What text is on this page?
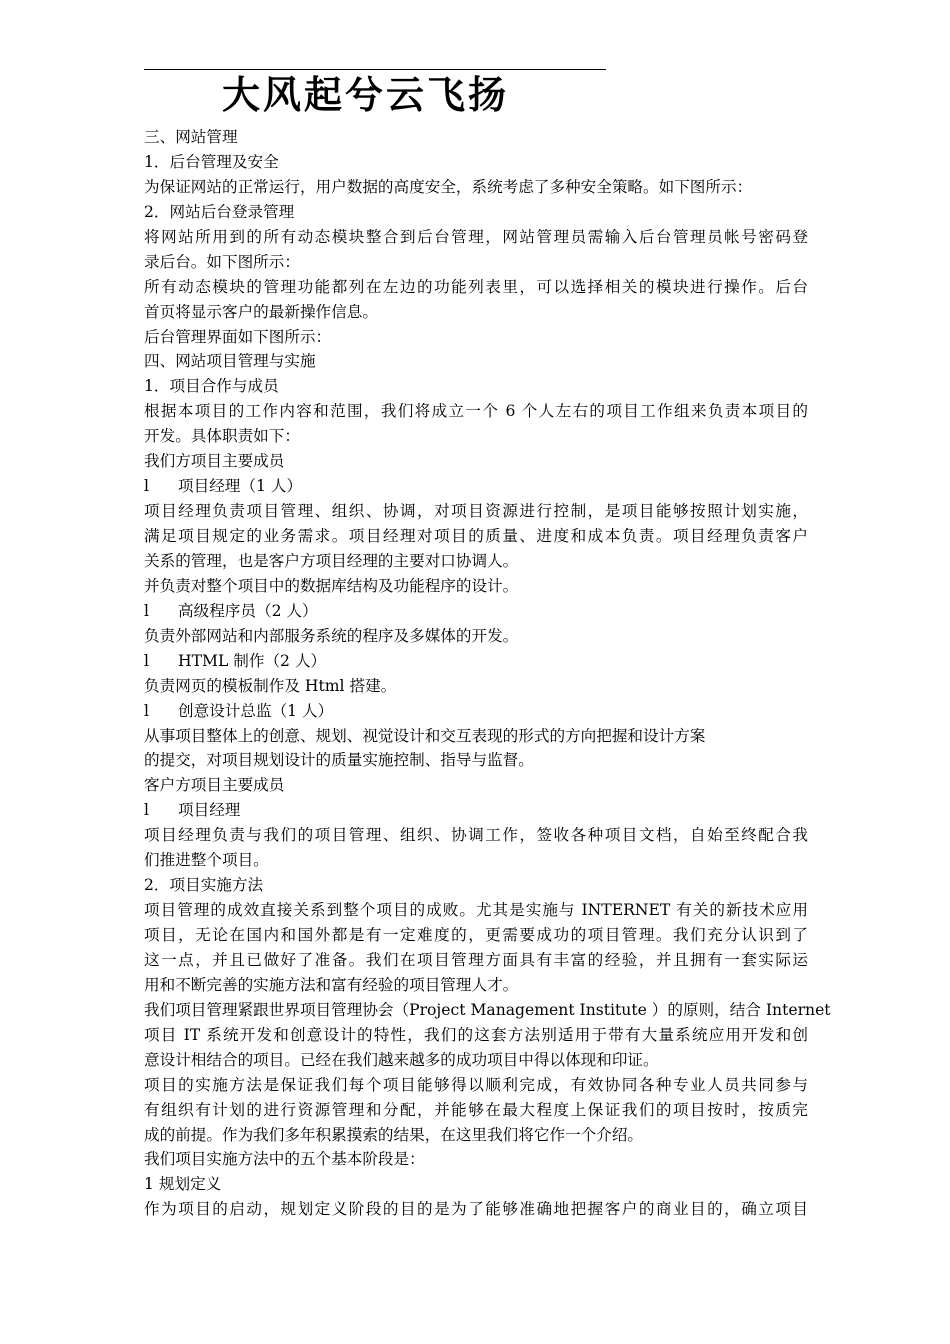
大风起兮云飞扬
三、网站管理
1．后台管理及安全
为保证网站的正常运行，用户数据的高度安全，系统考虑了多种安全策略。如下图所示：
2．网站后台登录管理
将网站所用到的所有动态模块整合到后台管理，网站管理员需输入后台管理员帐号密码登
录后台。如下图所示：
所有动态模块的管理功能都列在左边的功能列表里，可以选择相关的模块进行操作。后台
首页将显示客户的最新操作信息。
后台管理界面如下图所示：
四、网站项目管理与实施
1．项目合作与成员
根据本项目的工作内容和范围，我们将成立一个 6 个人左右的项目工作组来负责本项目的
开发。具体职责如下：
我们方项目主要成员
l 项目经理（1 人）
项目经理负责项目管理、组织、协调，对项目资源进行控制，是项目能够按照计划实施，
满足项目规定的业务需求。项目经理对项目的质量、进度和成本负责。项目经理负责客户
关系的管理，也是客户方项目经理的主要对口协调人。
并负责对整个项目中的数据库结构及功能程序的设计。
l 高级程序员（2 人）
负责外部网站和内部服务系统的程序及多媒体的开发。
l HTML 制作（2 人）
负责网页的模板制作及 Html 搭建。
l 创意设计总监（1 人）
从事项目整体上的创意、规划、视觉设计和交互表现的形式的方向把握和设计方案
的提交，对项目规划设计的质量实施控制、指导与监督。
客户方项目主要成员
l 项目经理
项目经理负责与我们的项目管理、组织、协调工作，签收各种项目文档，自始至终配合我
们推进整个项目。
2．项目实施方法
项目管理的成效直接关系到整个项目的成败。尤其是实施与 INTERNET 有关的新技术应用
项目，无论在国内和国外都是有一定难度的，更需要成功的项目管理。我们充分认识到了
这一点，并且已做好了准备。我们在项目管理方面具有丰富的经验，并且拥有一套实际运
用和不断完善的实施方法和富有经验的项目管理人才。
我们项目管理紧跟世界项目管理协会（Project Management Institute ）的原则，结合 Internet
项目 IT 系统开发和创意设计的特性，我们的这套方法别适用于带有大量系统应用开发和创
意设计相结合的项目。已经在我们越来越多的成功项目中得以体现和印证。
项目的实施方法是保证我们每个项目能够得以顺利完成，有效协同各种专业人员共同参与
有组织有计划的进行资源管理和分配，并能够在最大程度上保证我们的项目按时，按质完
成的前提。作为我们多年积累摸索的结果，在这里我们将它作一个介绍。
我们项目实施方法中的五个基本阶段是：
1 规划定义
作为项目的启动，规划定义阶段的目的是为了能够准确地把握客户的商业目的，确立项目
